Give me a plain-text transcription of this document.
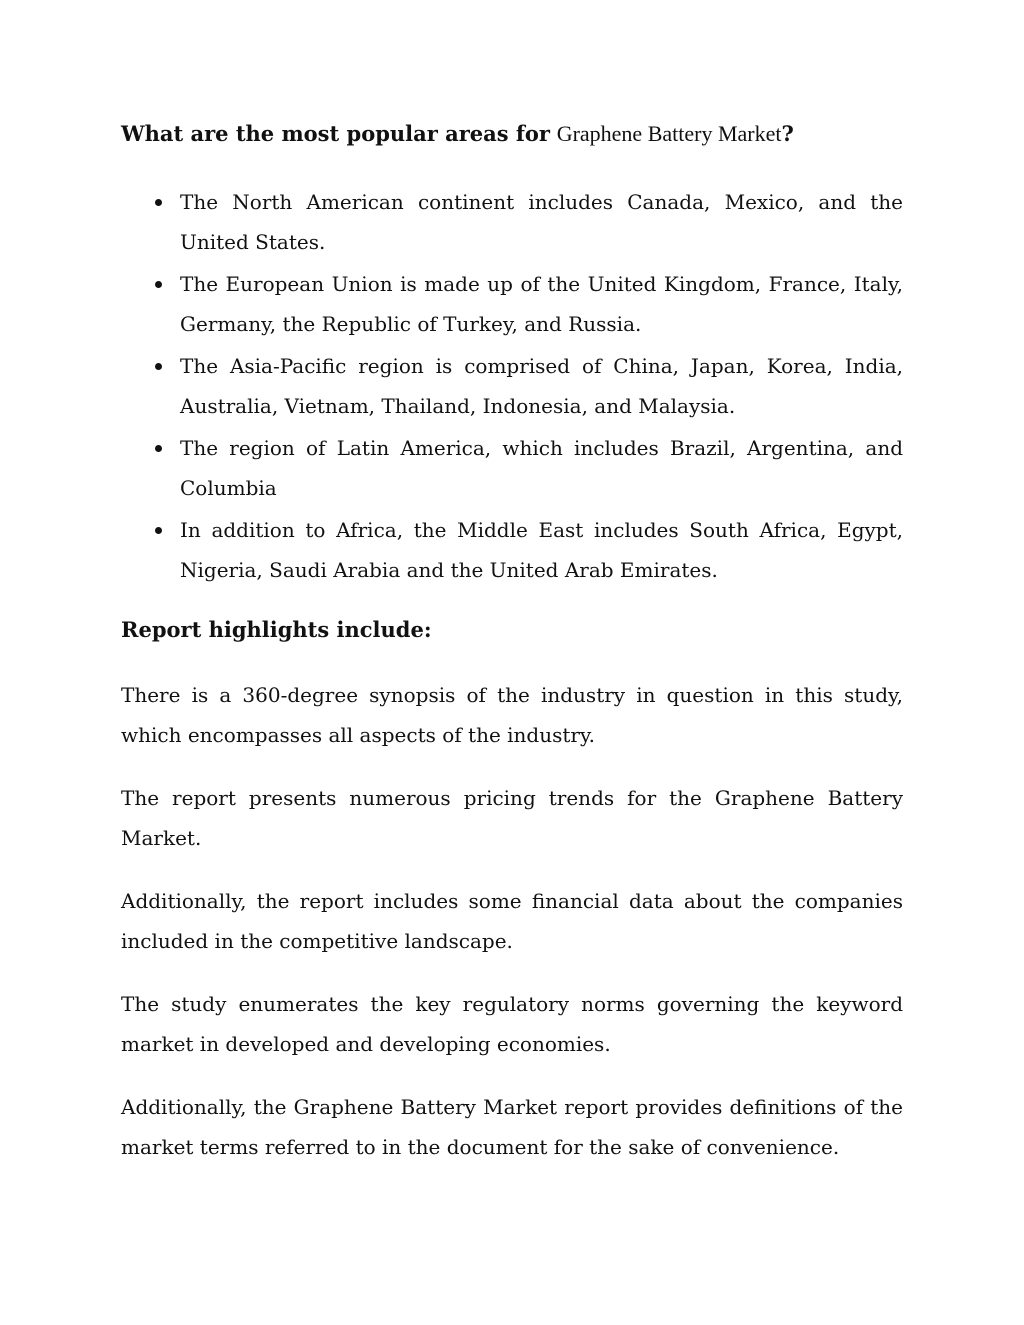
What are the most popular areas for Graphene Battery Market?
The North American continent includes Canada, Mexico, and the United States.
The European Union is made up of the United Kingdom, France, Italy, Germany, the Republic of Turkey, and Russia.
The Asia-Pacific region is comprised of China, Japan, Korea, India, Australia, Vietnam, Thailand, Indonesia, and Malaysia.
The region of Latin America, which includes Brazil, Argentina, and Columbia
In addition to Africa, the Middle East includes South Africa, Egypt, Nigeria, Saudi Arabia and the United Arab Emirates.
Report highlights include:

There is a 360-degree synopsis of the industry in question in this study, which encompasses all aspects of the industry.

The report presents numerous pricing trends for the Graphene Battery Market.

Additionally, the report includes some financial data about the companies included in the competitive landscape.

The study enumerates the key regulatory norms governing the keyword market in developed and developing economies.

Additionally, the Graphene Battery Market report provides definitions of the market terms referred to in the document for the sake of convenience.
